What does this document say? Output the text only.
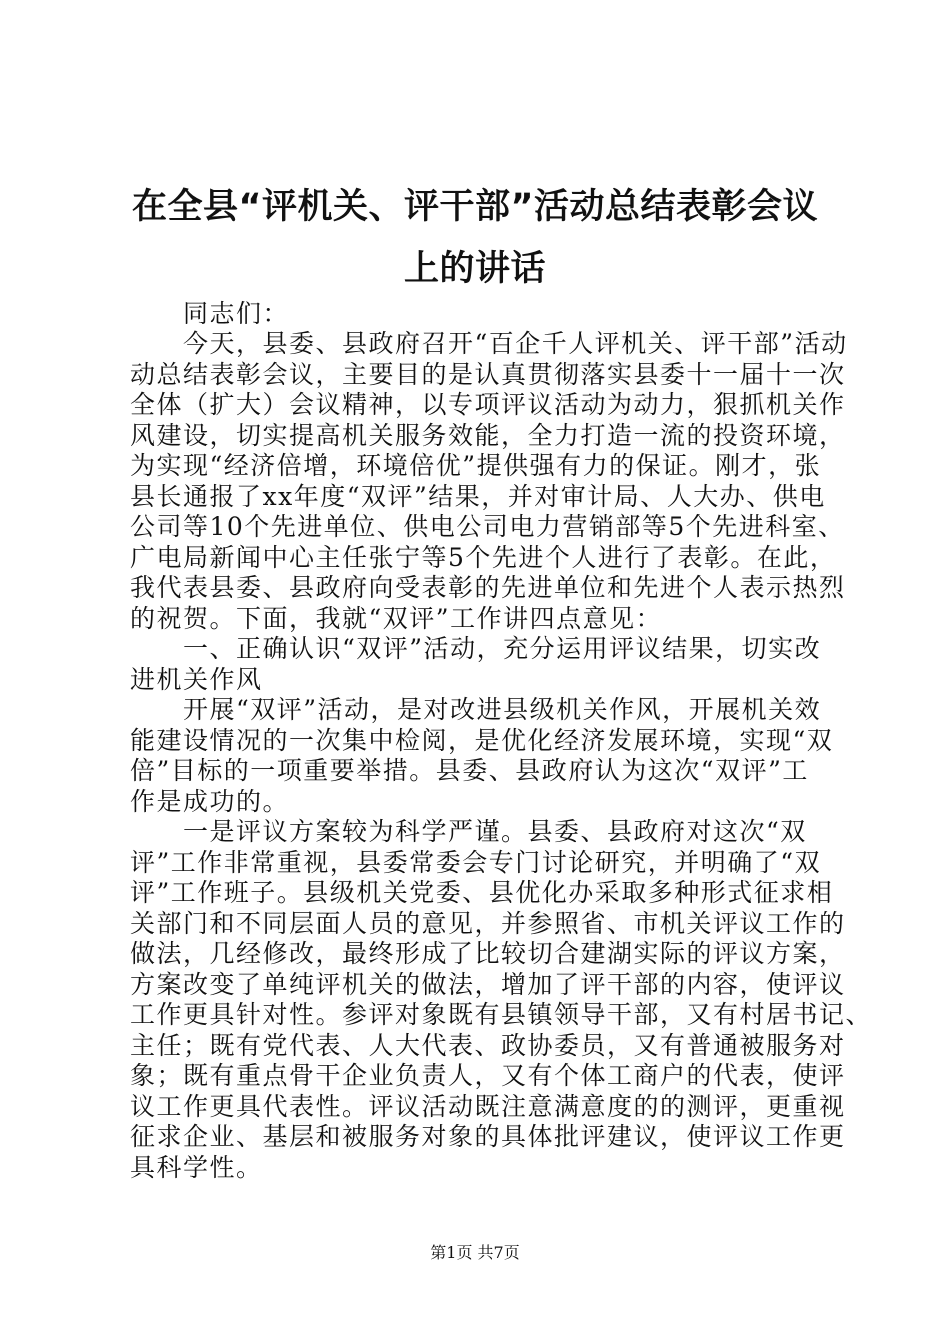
在全县“评机关、评干部”活动总结表彰会议
上的讲话
　　同志们：
　　今天，县委、县政府召开“百企千人评机关、评干部”活动
动总结表彰会议，主要目的是认真贯彻落实县委十一届十一次
全体（扩大）会议精神，以专项评议活动为动力，狠抓机关作
风建设，切实提高机关服务效能，全力打造一流的投资环境，
为实现“经济倍增，环境倍优”提供强有力的保证。刚才，张
县长通报了xx年度“双评”结果，并对审计局、人大办、供电
公司等10个先进单位、供电公司电力营销部等5个先进科室、
广电局新闻中心主任张宁等5个先进个人进行了表彰。在此，
我代表县委、县政府向受表彰的先进单位和先进个人表示热烈
的祝贺。下面，我就“双评”工作讲四点意见：
　　一、正确认识“双评”活动，充分运用评议结果，切实改
进机关作风
　　开展“双评”活动，是对改进县级机关作风，开展机关效
能建设情况的一次集中检阅，是优化经济发展环境，实现“双
倍”目标的一项重要举措。县委、县政府认为这次“双评”工
作是成功的。
　　一是评议方案较为科学严谨。县委、县政府对这次“双
评”工作非常重视，县委常委会专门讨论研究，并明确了“双
评”工作班子。县级机关党委、县优化办采取多种形式征求相
关部门和不同层面人员的意见，并参照省、市机关评议工作的
做法，几经修改，最终形成了比较切合建湖实际的评议方案，
方案改变了单纯评机关的做法，增加了评干部的内容，使评议
工作更具针对性。参评对象既有县镇领导干部，又有村居书记、
主任；既有党代表、人大代表、政协委员，又有普通被服务对
象；既有重点骨干企业负责人，又有个体工商户的代表，使评
议工作更具代表性。评议活动既注意满意度的的测评，更重视
征求企业、基层和被服务对象的具体批评建议，使评议工作更
具科学性。
第1页 共7页
